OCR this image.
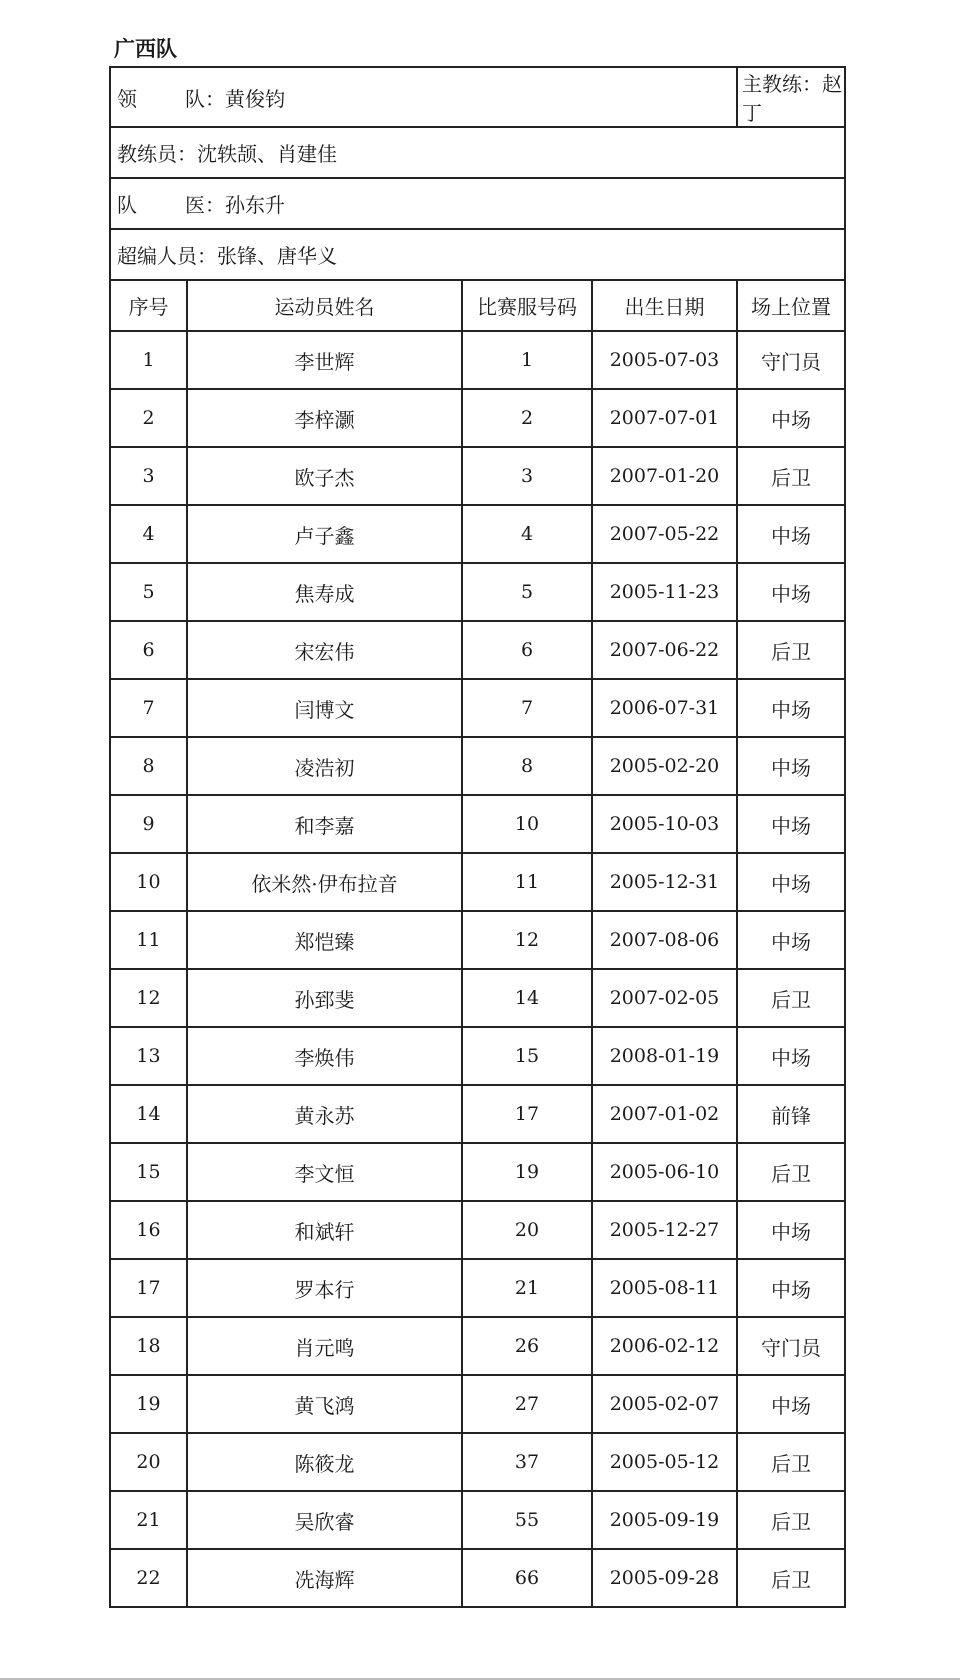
广西队
领 队：黄俊钧				主教练：赵丁
教练员：沈轶颉、肖建佳				
队 医：孙东升				
超编人员：张锋、唐华义				
序号	运动员姓名	比赛服号码	出生日期	场上位置
1	李世辉	1	2005-07-03	守门员
2	李梓灏	2	2007-07-01	中场
3	欧子杰	3	2007-01-20	后卫
4	卢子鑫	4	2007-05-22	中场
5	焦寿成	5	2005-11-23	中场
6	宋宏伟	6	2007-06-22	后卫
7	闫博文	7	2006-07-31	中场
8	凌浩初	8	2005-02-20	中场
9	和李嘉	10	2005-10-03	中场
10	依米然·伊布拉音	11	2005-12-31	中场
11	郑恺臻	12	2007-08-06	中场
12	孙郅斐	14	2007-02-05	后卫
13	李焕伟	15	2008-01-19	中场
14	黄永苏	17	2007-01-02	前锋
15	李文恒	19	2005-06-10	后卫
16	和斌轩	20	2005-12-27	中场
17	罗本行	21	2005-08-11	中场
18	肖元鸣	26	2006-02-12	守门员
19	黄飞鸿	27	2005-02-07	中场
20	陈筱龙	37	2005-05-12	后卫
21	吴欣睿	55	2005-09-19	后卫
22	冼海辉	66	2005-09-28	后卫
